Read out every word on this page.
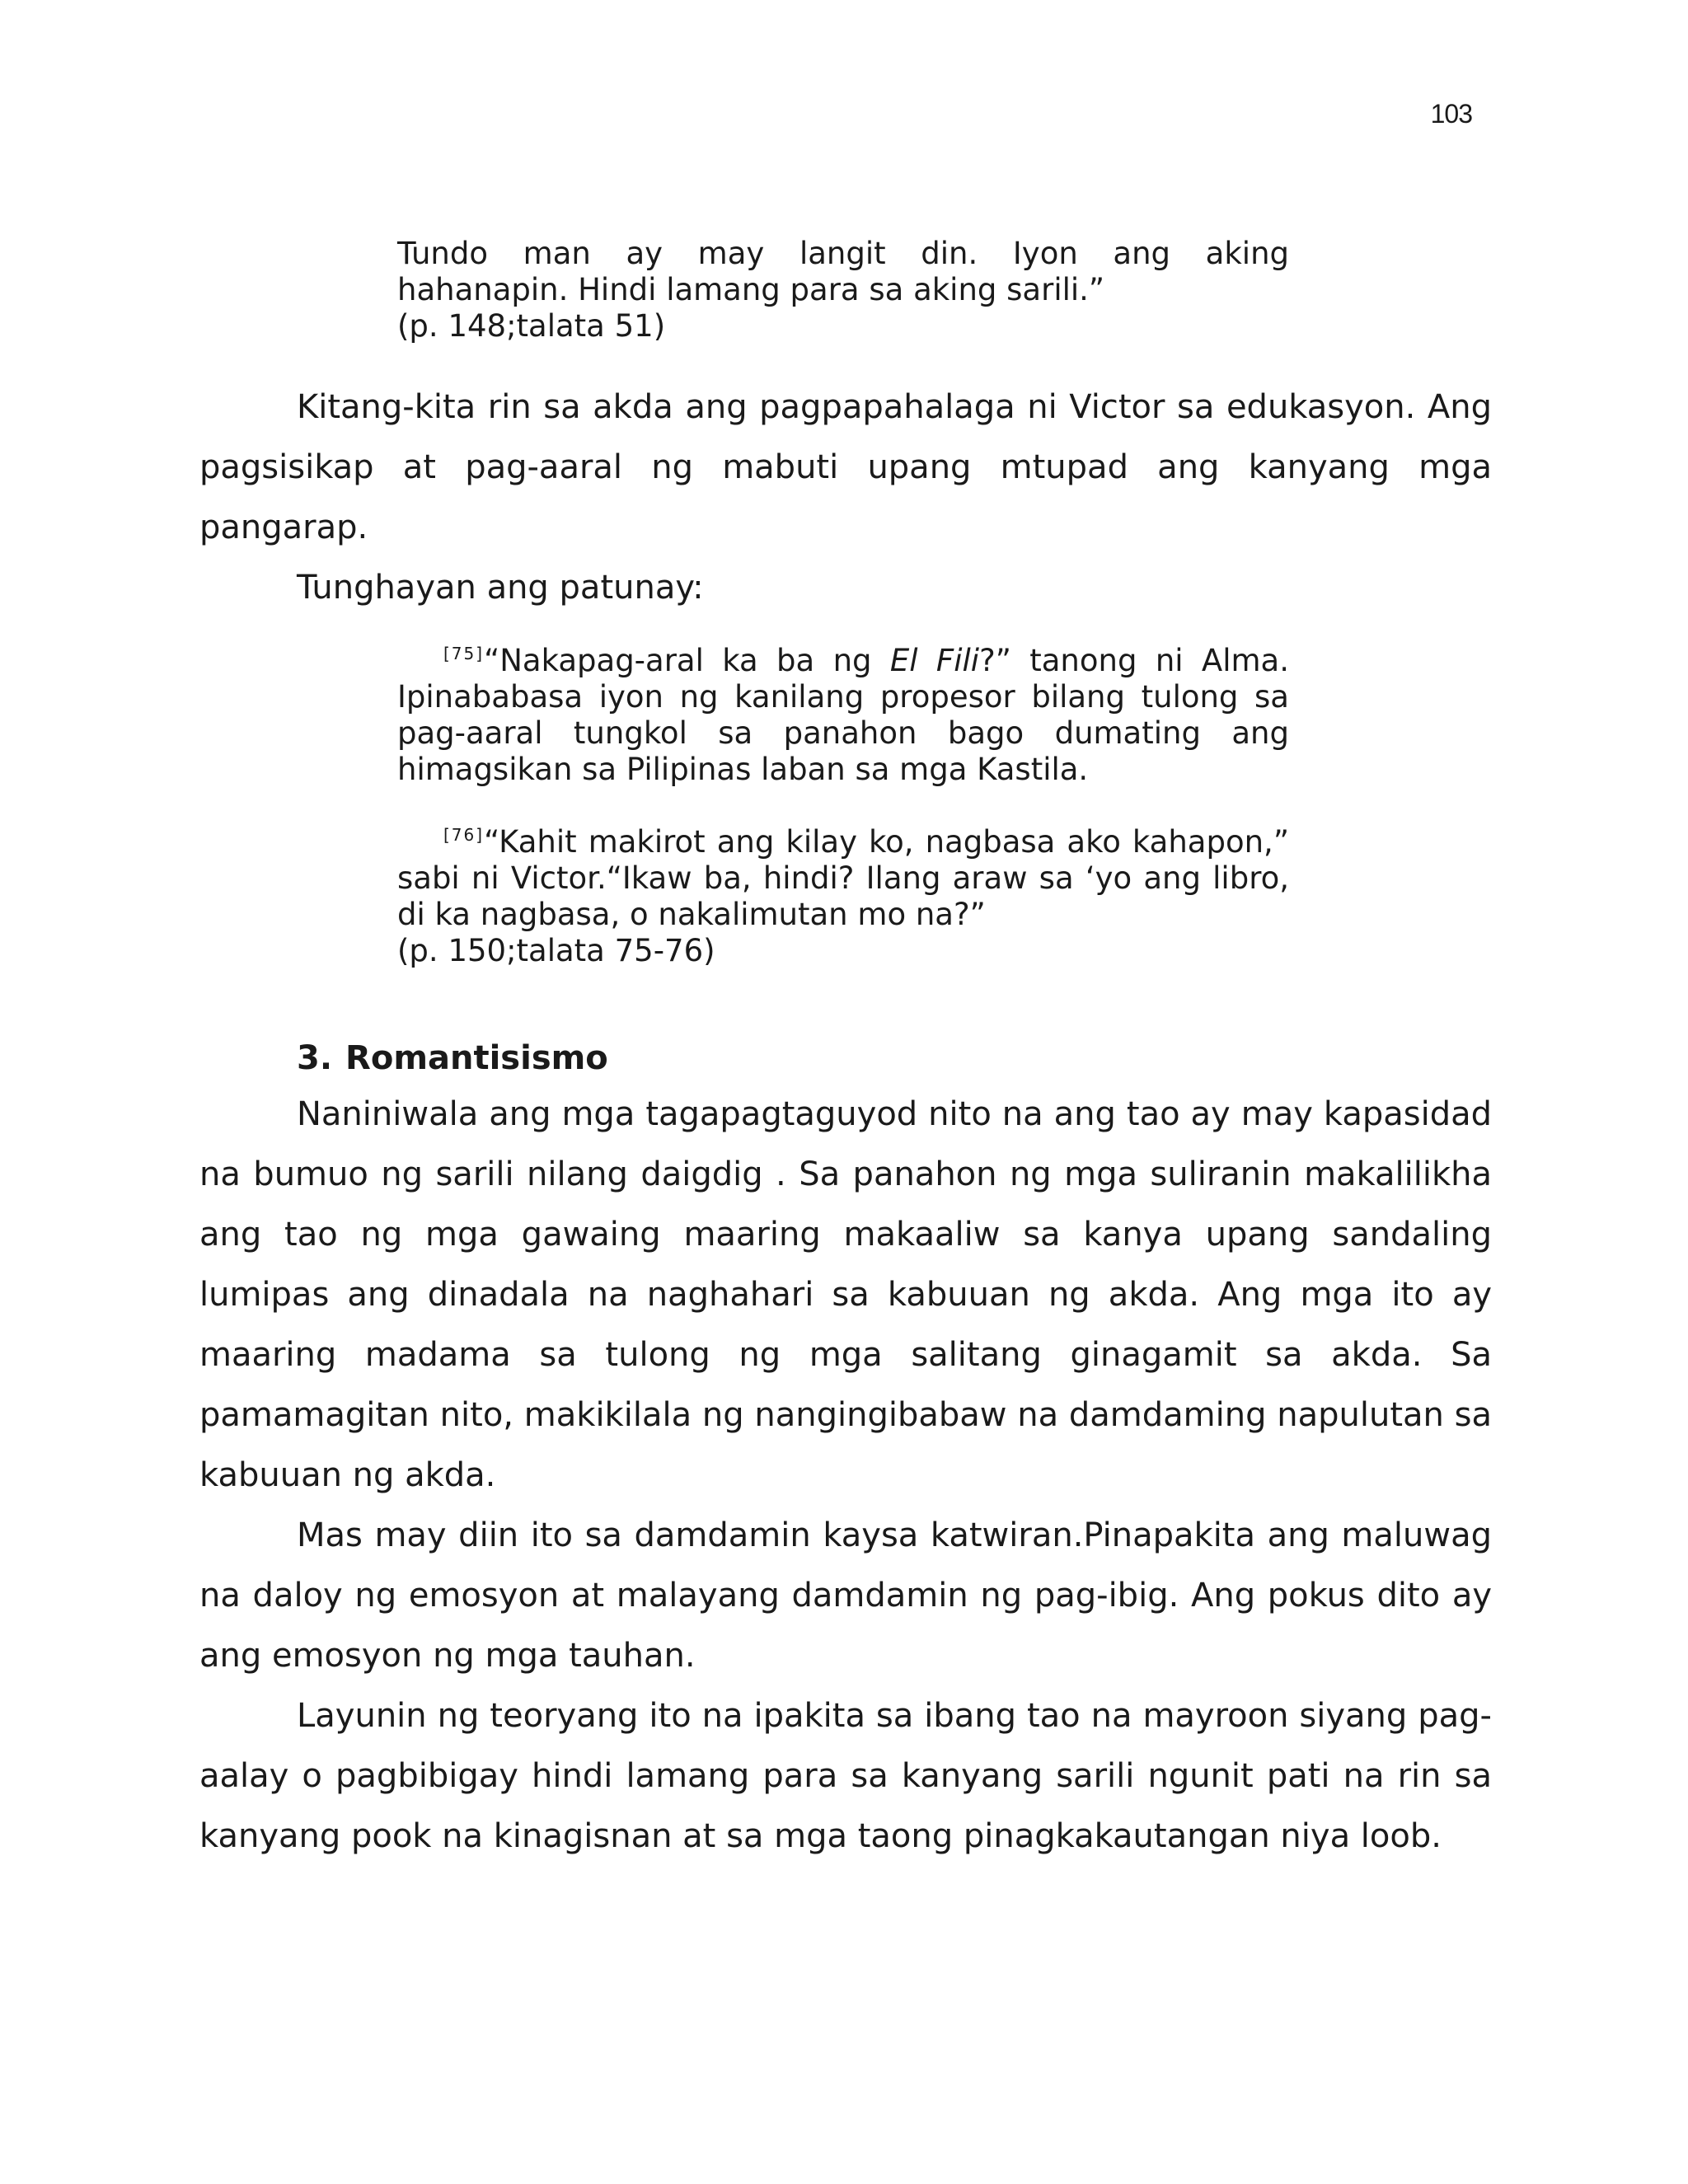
103

Tundo man ay may langit din. Iyon ang aking

hahanapin. Hindi lamang para sa aking sarili.”

(p. 148;talata 51)

Kitang-kita rin sa akda ang pagpapahalaga ni Victor sa edukasyon. Ang pagsisikap at pag-aaral ng mabuti upang mtupad ang kanyang mga pangarap.

Tunghayan ang patunay:

[75]“Nakapag-aral ka ba ng El Fili?” tanong ni Alma. Ipinababasa iyon ng kanilang propesor bilang tulong sa pag-aaral tungkol sa panahon bago dumating ang himagsikan sa Pilipinas laban sa mga Kastila.

[76]“Kahit makirot ang kilay ko, nagbasa ako kahapon,” sabi ni Victor.“Ikaw ba, hindi? Ilang araw sa ‘yo ang libro, di ka nagbasa, o nakalimutan mo na?”

(p. 150;talata 75-76)
3. Romantisismo

Naniniwala ang mga tagapagtaguyod nito na ang tao ay may kapasidad na bumuo ng sarili nilang daigdig . Sa panahon ng mga suliranin makalilikha ang tao ng mga gawaing maaring makaaliw sa kanya upang sandaling lumipas ang dinadala na naghahari sa kabuuan ng akda. Ang mga ito ay maaring madama sa tulong ng mga salitang ginagamit sa akda. Sa pamamagitan nito, makikilala ng nangingibabaw na damdaming napulutan sa kabuuan ng akda.

Mas may diin ito sa damdamin kaysa katwiran.Pinapakita ang maluwag na daloy ng emosyon at malayang damdamin ng pag-ibig. Ang pokus dito ay ang emosyon ng mga tauhan.

Layunin ng teoryang ito na ipakita sa ibang tao na mayroon siyang pag-aalay o pagbibigay hindi lamang para sa kanyang sarili ngunit pati na rin sa kanyang pook na kinagisnan at sa mga taong pinagkakautangan niya loob.
